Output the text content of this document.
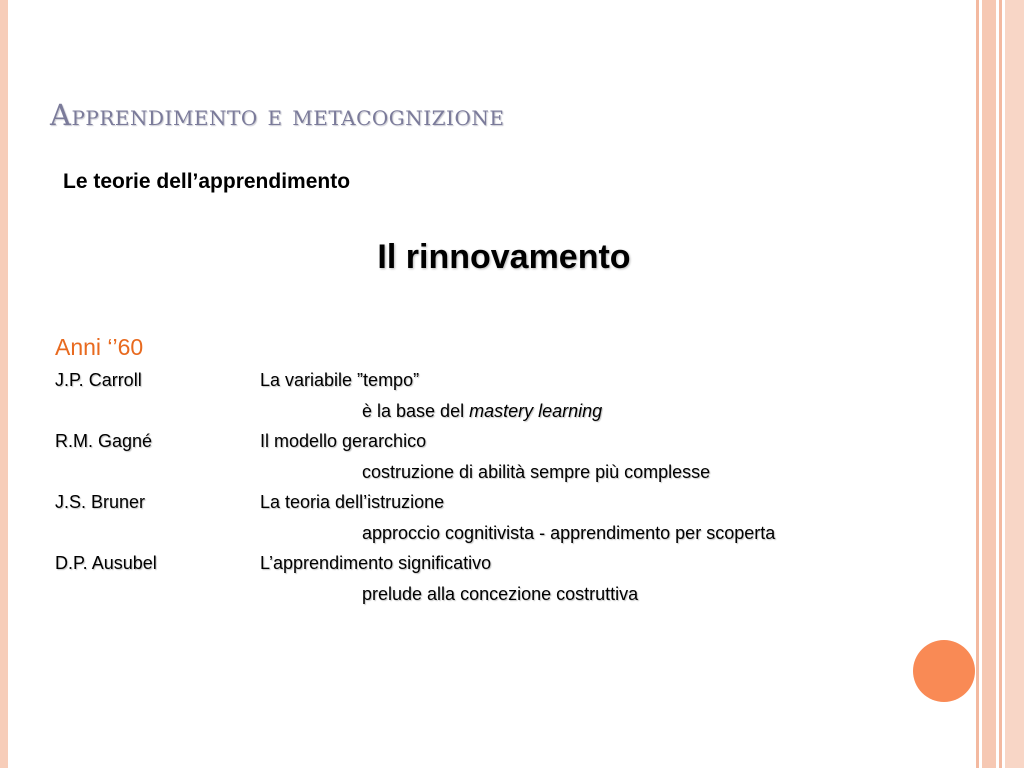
Apprendimento e metacognizione
Le teorie dell’apprendimento
Il rinnovamento
Anni ‘’60
J.P. Carroll	La variabile ”tempo”
è la base del mastery learning
R.M. Gagné	Il modello gerarchico
costruzione di abilità sempre più complesse
J.S. Bruner	La teoria dell’istruzione
approccio cognitivista - apprendimento per scoperta
D.P. Ausubel	L’apprendimento significativo
prelude alla concezione costruttiva
